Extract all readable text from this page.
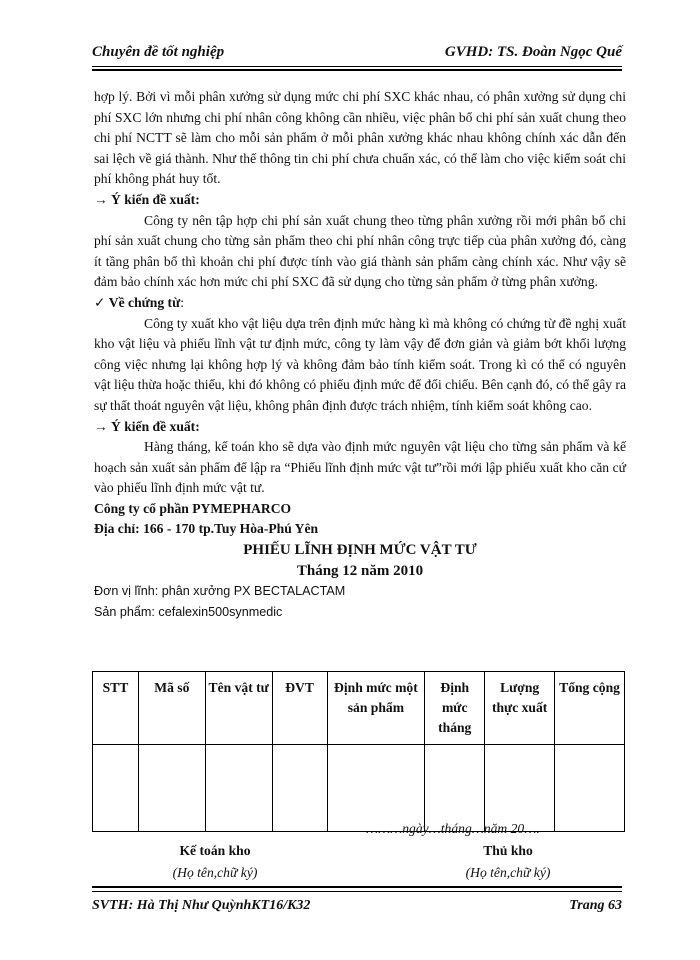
Chuyên đề tốt nghiệp	GVHD: TS. Đoàn Ngọc Quế

hợp lý. Bởi vì mỗi phân xưởng sử dụng mức chi phí SXC khác nhau, có phân xưởng sử dụng chi phí SXC lớn nhưng chi phí nhân công không cần nhiều, việc phân bổ chi phí sản xuất chung theo chi phí NCTT sẽ làm cho mỗi sản phẩm ở mỗi phân xưởng khác nhau không chính xác dẫn đến sai lệch về giá thành. Như thế thông tin chi phí chưa chuẩn xác, có thể làm cho việc kiểm soát chi phí không phát huy tốt.

→ Ý kiến đề xuất:

Công ty nên tập hợp chi phí sản xuất chung theo từng phân xưởng rồi mới phân bổ chi phí sản xuất chung cho từng sản phẩm theo chi phí nhân công trực tiếp của phân xưởng đó, càng ít tầng phân bổ thì khoản chi phí được tính vào giá thành sản phẩm càng chính xác. Như vậy sẽ đảm bảo chính xác hơn mức chi phí SXC đã sử dụng cho từng sản phẩm ở từng phân xưởng.

✓ Về chứng từ:

Công ty xuất kho vật liệu dựa trên định mức hàng kì mà không có chứng từ đề nghị xuất kho vật liệu và phiếu lĩnh vật tư định mức, công ty làm vậy để đơn giản và giảm bớt khối lượng công việc nhưng lại không hợp lý và không đảm bảo tính kiểm soát. Trong kì có thể có nguyên vật liệu thừa hoặc thiếu, khi đó không có phiếu định mức để đối chiếu. Bên cạnh đó, có thể gây ra sự thất thoát nguyên vật liệu, không phân định được trách nhiệm, tính kiểm soát không cao.

→ Ý kiến đề xuất:

Hàng tháng, kế toán kho sẽ dựa vào định mức nguyên vật liệu cho từng sản phẩm và kế hoạch sản xuất sản phẩm để lập ra “Phiếu lĩnh định mức vật tư”rồi mới lập phiếu xuất kho căn cứ vào phiếu lĩnh định mức vật tư.

Công ty cổ phần PYMEPHARCO

Địa chỉ: 166 - 170 tp.Tuy Hòa-Phú Yên

PHIẾU LĨNH ĐỊNH MỨC VẬT TƯ

Tháng 12 năm 2010

Đơn vị lĩnh: phân xưởng PX BECTALACTAM

Sản phẩm: cefalexin500synmedic

STT	Mã số	Tên vật tư	ĐVT	Định mức một sản phẩm	Định mức tháng	Lượng thực xuất	Tổng cộng

………ngày…tháng…năm 20….
Kế toán kho
(Họ tên,chữ ký)
Thủ kho
(Họ tên,chữ ký)
SVTH: Hà Thị Như QuỳnhKT16/K32	Trang 63
